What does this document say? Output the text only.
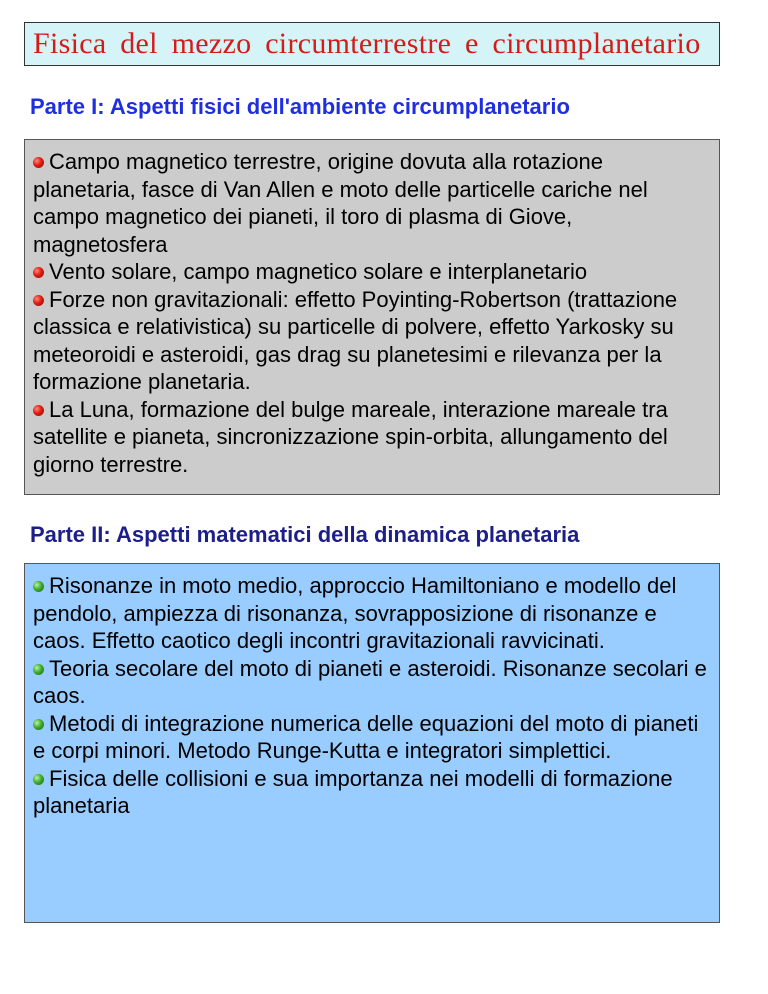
Fisica del mezzo circumterrestre e circumplanetario
Parte I: Aspetti fisici dell'ambiente circumplanetario

Campo magnetico terrestre, origine dovuta alla rotazione planetaria, fasce di Van Allen e moto delle particelle cariche nel campo magnetico dei pianeti, il toro di plasma di Giove, magnetosfera

Vento solare, campo magnetico solare e interplanetario

Forze non gravitazionali: effetto Poyinting-Robertson (trattazione classica e relativistica) su particelle di polvere, effetto Yarkosky su meteoroidi e asteroidi, gas drag su planetesimi e rilevanza per la formazione planetaria.

La Luna, formazione del bulge mareale, interazione mareale tra satellite e pianeta, sincronizzazione spin-orbita, allungamento del giorno terrestre.

Parte II: Aspetti matematici della dinamica planetaria

Risonanze in moto medio, approccio Hamiltoniano e modello del pendolo, ampiezza di risonanza, sovrapposizione di risonanze e caos. Effetto caotico degli incontri gravitazionali ravvicinati.

Teoria secolare del moto di pianeti e asteroidi. Risonanze secolari e caos.

Metodi di integrazione numerica delle equazioni del moto di pianeti e corpi minori. Metodo Runge-Kutta e integratori simplettici.

Fisica delle collisioni e sua importanza nei modelli di formazione planetaria
